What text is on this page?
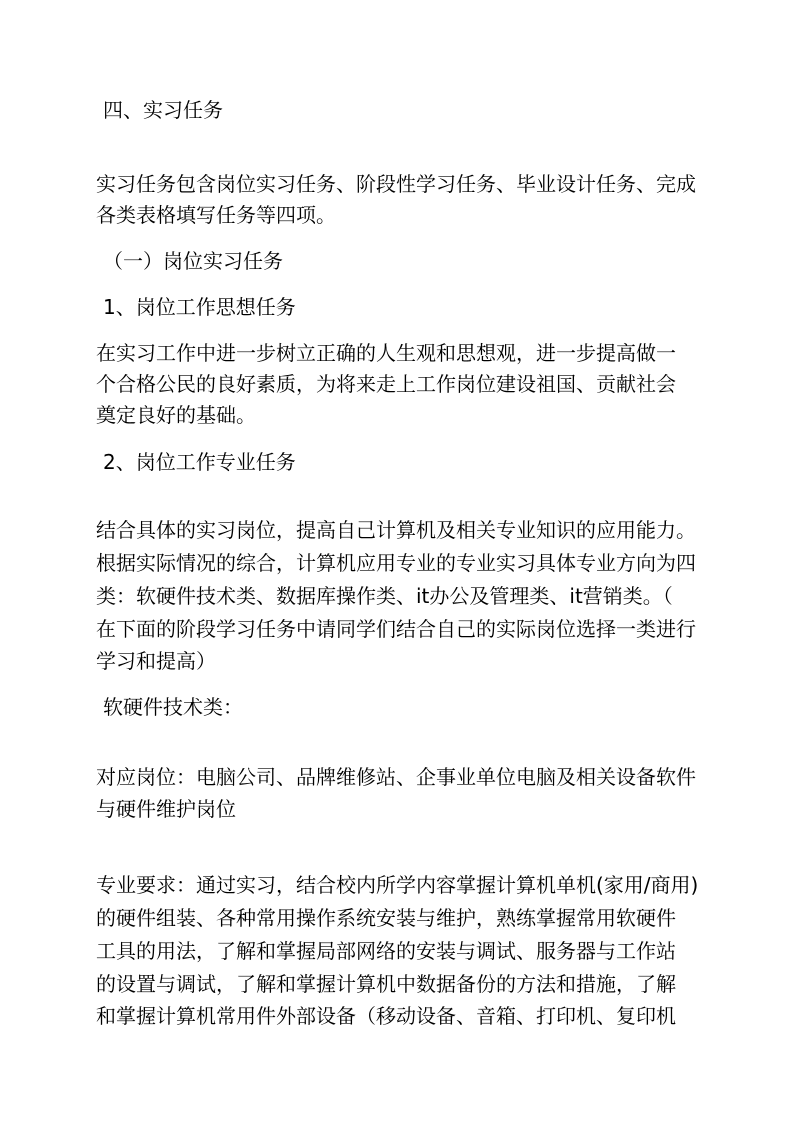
四、实习任务
实习任务包含岗位实习任务、阶段性学习任务、毕业设计任务、完成
各类表格填写任务等四项。
（一）岗位实习任务
1、岗位工作思想任务
在实习工作中进一步树立正确的人生观和思想观，进一步提高做一
个合格公民的良好素质，为将来走上工作岗位建设祖国、贡献社会
奠定良好的基础。
2、岗位工作专业任务
结合具体的实习岗位，提高自己计算机及相关专业知识的应用能力。
根据实际情况的综合，计算机应用专业的专业实习具体专业方向为四
类：软硬件技术类、数据库操作类、it办公及管理类、it营销类。（
在下面的阶段学习任务中请同学们结合自己的实际岗位选择一类进行
学习和提高）
软硬件技术类：
对应岗位：电脑公司、品牌维修站、企事业单位电脑及相关设备软件
与硬件维护岗位
专业要求：通过实习，结合校内所学内容掌握计算机单机(家用/商用)
的硬件组装、各种常用操作系统安装与维护，熟练掌握常用软硬件
工具的用法，了解和掌握局部网络的安装与调试、服务器与工作站
的设置与调试，了解和掌握计算机中数据备份的方法和措施，了解
和掌握计算机常用件外部设备（移动设备、音箱、打印机、复印机
